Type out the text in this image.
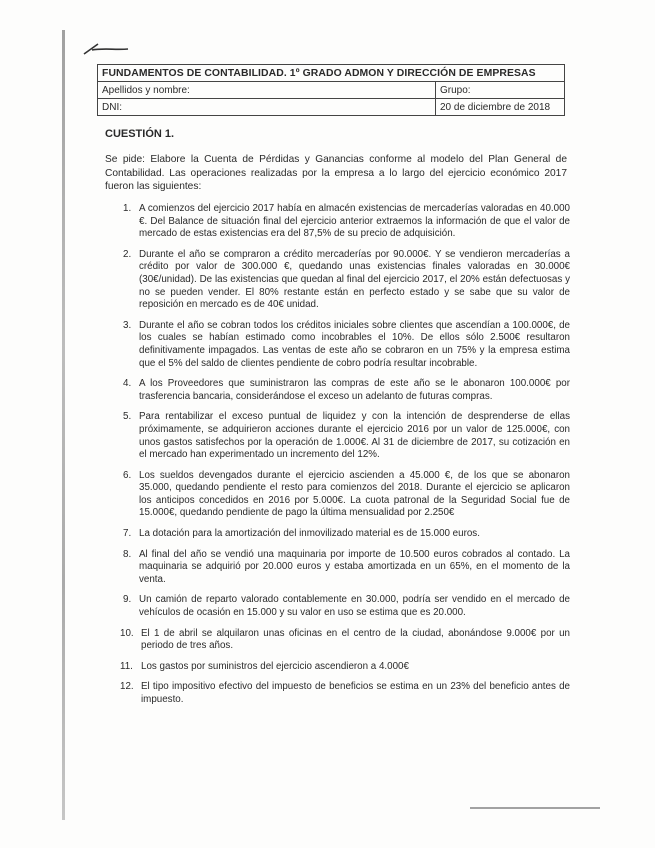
FUNDAMENTOS DE CONTABILIDAD. 1º GRADO ADMON Y DIRECCIÓN DE EMPRESAS	
Apellidos y nombre:	Grupo:
DNI:	20 de diciembre de 2018
CUESTIÓN 1.
Se pide: Elabore la Cuenta de Pérdidas y Ganancias conforme al modelo del Plan General de Contabilidad. Las operaciones realizadas por la empresa a lo largo del ejercicio económico 2017 fueron las siguientes:
1. A comienzos del ejercicio 2017 había en almacén existencias de mercaderías valoradas en 40.000 €. Del Balance de situación final del ejercicio anterior extraemos la información de que el valor de mercado de estas existencias era del 87,5% de su precio de adquisición.
2. Durante el año se compraron a crédito mercaderías por 90.000€. Y se vendieron mercaderías a crédito por valor de 300.000 €, quedando unas existencias finales valoradas en 30.000€ (30€/unidad). De las existencias que quedan al final del ejercicio 2017, el 20% están defectuosas y no se pueden vender. El 80% restante están en perfecto estado y se sabe que su valor de reposición en mercado es de 40€ unidad.
3. Durante el año se cobran todos los créditos iniciales sobre clientes que ascendían a 100.000€, de los cuales se habían estimado como incobrables el 10%. De ellos sólo 2.500€ resultaron definitivamente impagados. Las ventas de este año se cobraron en un 75% y la empresa estima que el 5% del saldo de clientes pendiente de cobro podría resultar incobrable.
4. A los Proveedores que suministraron las compras de este año se le abonaron 100.000€ por trasferencia bancaria, considerándose el exceso un adelanto de futuras compras.
5. Para rentabilizar el exceso puntual de liquidez y con la intención de desprenderse de ellas próximamente, se adquirieron acciones durante el ejercicio 2016 por un valor de 125.000€, con unos gastos satisfechos por la operación de 1.000€. Al 31 de diciembre de 2017, su cotización en el mercado han experimentado un incremento del 12%.
6. Los sueldos devengados durante el ejercicio ascienden a 45.000 €, de los que se abonaron 35.000, quedando pendiente el resto para comienzos del 2018. Durante el ejercicio se aplicaron los anticipos concedidos en 2016 por 5.000€. La cuota patronal de la Seguridad Social fue de 15.000€, quedando pendiente de pago la última mensualidad por 2.250€
7. La dotación para la amortización del inmovilizado material es de 15.000 euros.
8. Al final del año se vendió una maquinaria por importe de 10.500 euros cobrados al contado. La maquinaria se adquirió por 20.000 euros y estaba amortizada en un 65%, en el momento de la venta.
9. Un camión de reparto valorado contablemente en 30.000, podría ser vendido en el mercado de vehículos de ocasión en 15.000 y su valor en uso se estima que es 20.000.
10. El 1 de abril se alquilaron unas oficinas en el centro de la ciudad, abonándose 9.000€ por un periodo de tres años.
11. Los gastos por suministros del ejercicio ascendieron a 4.000€
12. El tipo impositivo efectivo del impuesto de beneficios se estima en un 23% del beneficio antes de impuesto.
